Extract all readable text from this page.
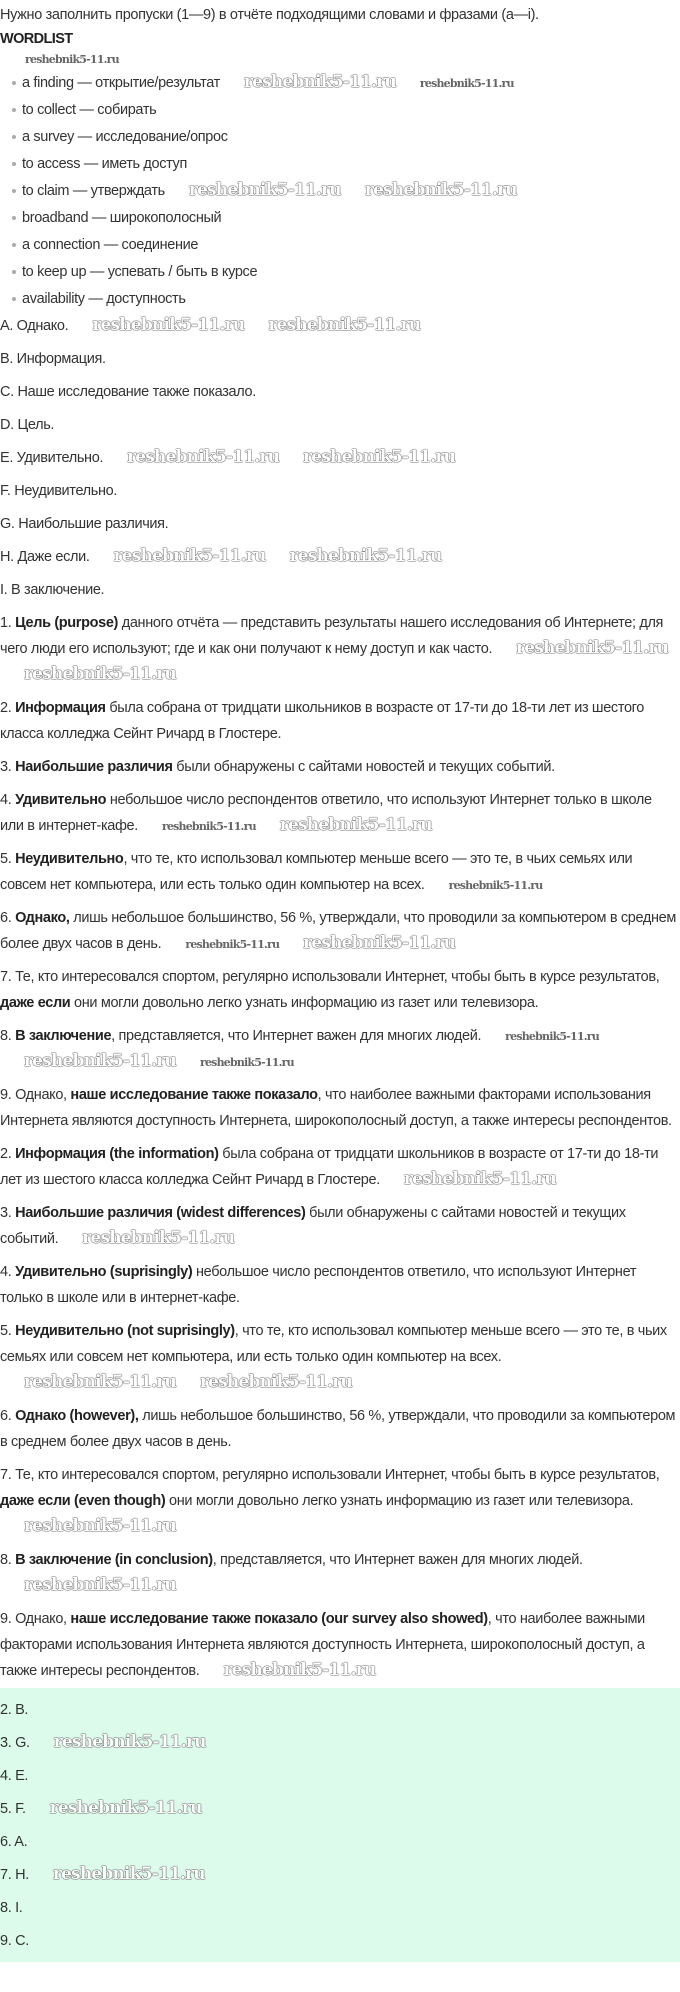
Нужно заполнить пропуски (1—9) в отчёте подходящими словами и фразами (a—i).
WORDLIST
reshebnik5-11.ru
a finding — открытие/результат reshebnik5-11.ru reshebnik5-11.ru
to collect — собирать
a survey — исследование/опрос
to access — иметь доступ
to claim — утверждать reshebnik5-11.ru reshebnik5-11.ru
broadband — широкополосный
a connection — соединение
to keep up — успевать / быть в курсе
availability — доступность
A. Однако. reshebnik5-11.ru reshebnik5-11.ru
B. Информация.
C. Наше исследование также показало.
D. Цель.
E. Удивительно. reshebnik5-11.ru reshebnik5-11.ru
F. Неудивительно.
G. Наибольшие различия.
H. Даже если. reshebnik5-11.ru reshebnik5-11.ru
I. В заключение.
1. Цель (purpose) данного отчёта — представить результаты нашего исследования об Интернете; для чего люди его используют; где и как они получают к нему доступ и как часто. reshebnik5-11.rureshebnik5-11.ru
2. Информация была собрана от тридцати школьников в возрасте от 17-ти до 18-ти лет из шестого класса колледжа Сейнт Ричард в Глостере.
3. Наибольшие различия были обнаружены с сайтами новостей и текущих событий.
4. Удивительно небольшое число респондентов ответило, что используют Интернет только в школе или в интернет-кафе. reshebnik5-11.ru reshebnik5-11.ru
5. Неудивительно, что те, кто использовал компьютер меньше всего — это те, в чьих семьях или совсем нет компьютера, или есть только один компьютер на всех. reshebnik5-11.ru
6. Однако, лишь небольшое большинство, 56 %, утверждали, что проводили за компьютером в среднем более двух часов в день. reshebnik5-11.ru reshebnik5-11.ru
7. Те, кто интересовался спортом, регулярно использовали Интернет, чтобы быть в курсе результатов, даже если они могли довольно легко узнать информацию из газет или телевизора.
8. В заключение, представляется, что Интернет важен для многих людей. reshebnik5-11.rureshebnik5-11.ru reshebnik5-11.ru
9. Однако, наше исследование также показало, что наиболее важными факторами использования Интернета являются доступность Интернета, широкополосный доступ, а также интересы респондентов.
2. Информация (the information) была собрана от тридцати школьников в возрасте от 17-ти до 18-ти лет из шестого класса колледжа Сейнт Ричард в Глостере. reshebnik5-11.ru
3. Наибольшие различия (widest differences) были обнаружены с сайтами новостей и текущих событий. reshebnik5-11.ru
4. Удивительно (suprisingly) небольшое число респондентов ответило, что используют Интернет только в школе или в интернет-кафе.
5. Неудивительно (not suprisingly), что те, кто использовал компьютер меньше всего — это те, в чьих семьях или совсем нет компьютера, или есть только один компьютер на всех.reshebnik5-11.ru reshebnik5-11.ru
6. Однако (however), лишь небольшое большинство, 56 %, утверждали, что проводили за компьютером в среднем более двух часов в день.
7. Те, кто интересовался спортом, регулярно использовали Интернет, чтобы быть в курсе результатов, даже если (even though) они могли довольно легко узнать информацию из газет или телевизора.reshebnik5-11.ru
8. В заключение (in conclusion), представляется, что Интернет важен для многих людей.reshebnik5-11.ru
9. Однако, наше исследование также показало (our survey also showed), что наиболее важными факторами использования Интернета являются доступность Интернета, широкополосный доступ, а также интересы респондентов. reshebnik5-11.ru
2. B.
3. G. reshebnik5-11.ru
4. E.
5. F. reshebnik5-11.ru
6. A.
7. H. reshebnik5-11.ru
8. I.
9. C.
